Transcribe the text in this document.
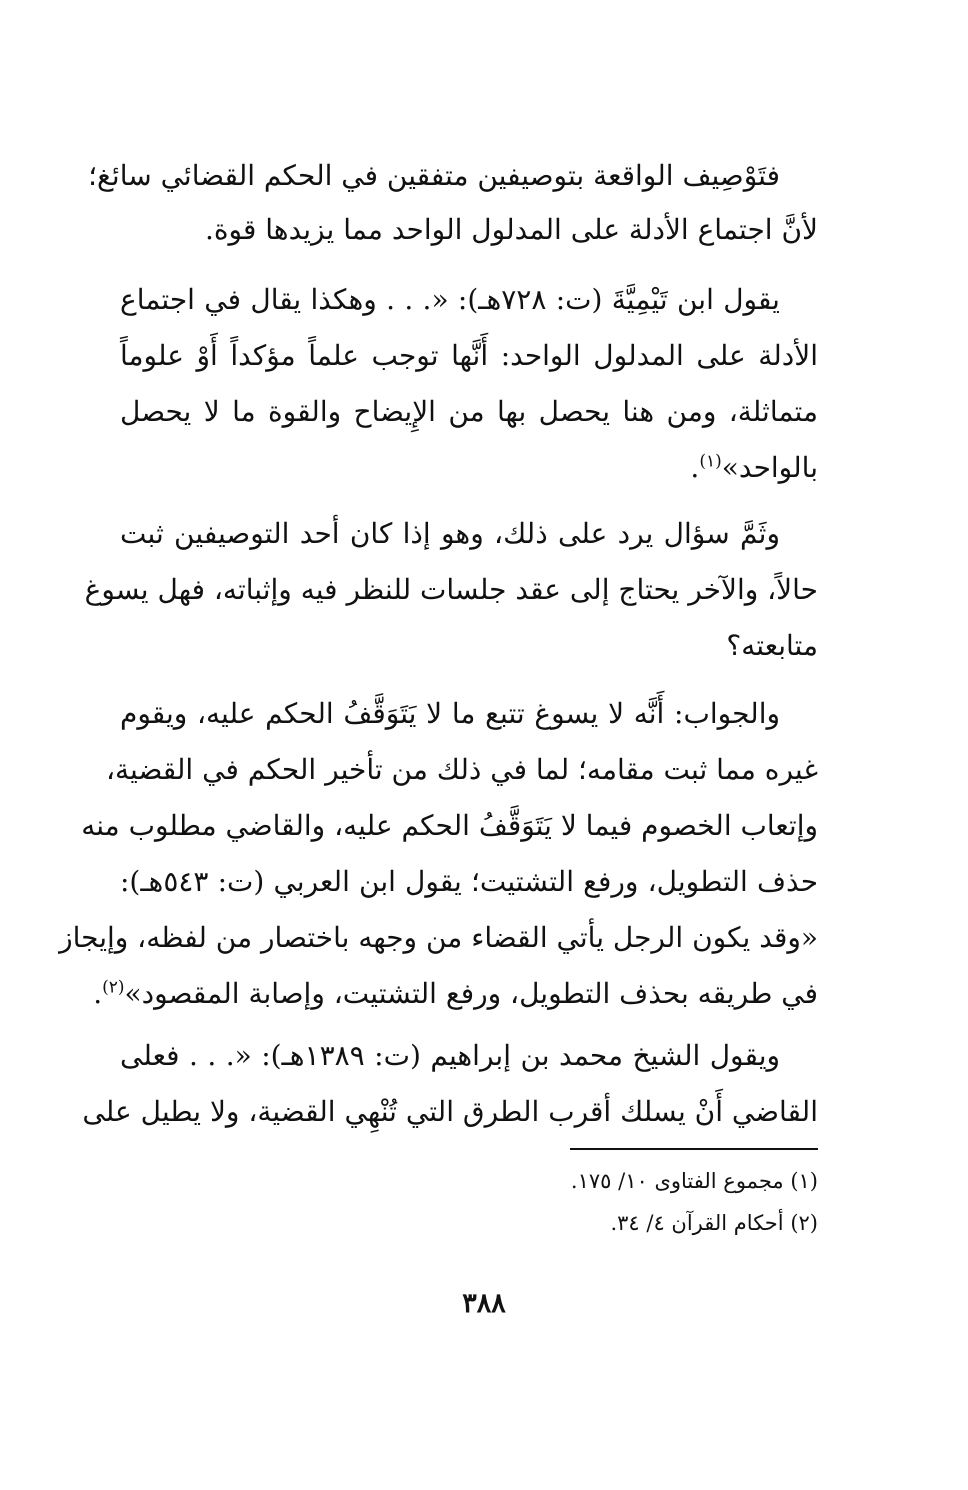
فتَوْصِيف الواقعة بتوصيفين متفقين في الحكم القضائي سائغ؛
لأنَّ اجتماع الأدلة على المدلول الواحد مما يزيدها قوة.
يقول ابن تَيْمِيَّةَ (ت: ٧٢٨هـ): «. . . وهكذا يقال في اجتماع
الأدلة على المدلول الواحد: أَنَّها توجب علماً مؤكداً أَوْ علوماً
متماثلة، ومن هنا يحصل بها من الإِيضاح والقوة ما لا يحصل
بالواحد»$^{(١)}$.
وثَمَّ سؤال يرد على ذلك، وهو إذا كان أحد التوصيفين ثبت
حالاً، والآخر يحتاج إلى عقد جلسات للنظر فيه وإثباته، فهل يسوغ
متابعته؟
والجواب: أَنَّه لا يسوغ تتبع ما لا يَتَوَقَّفُ الحكم عليه، ويقوم
غيره مما ثبت مقامه؛ لما في ذلك من تأخير الحكم في القضية،
وإتعاب الخصوم فيما لا يَتَوَقَّفُ الحكم عليه، والقاضي مطلوب منه
حذف التطويل، ورفع التشتيت؛ يقول ابن العربي (ت: ٥٤٣هـ):
«وقد يكون الرجل يأتي القضاء من وجهه باختصار من لفظه، وإيجاز
في طريقه بحذف التطويل، ورفع التشتيت، وإصابة المقصود»$^{(٢)}$.
ويقول الشيخ محمد بن إبراهيم (ت: ١٣٨٩هـ): «. . . فعلى
القاضي أَنْ يسلك أقرب الطرق التي تُنْهِي القضية، ولا يطيل على
(١) مجموع الفتاوى ١٠/ ١٧٥.
(٢) أحكام القرآن ٤/ ٣٤.
٣٨٨
